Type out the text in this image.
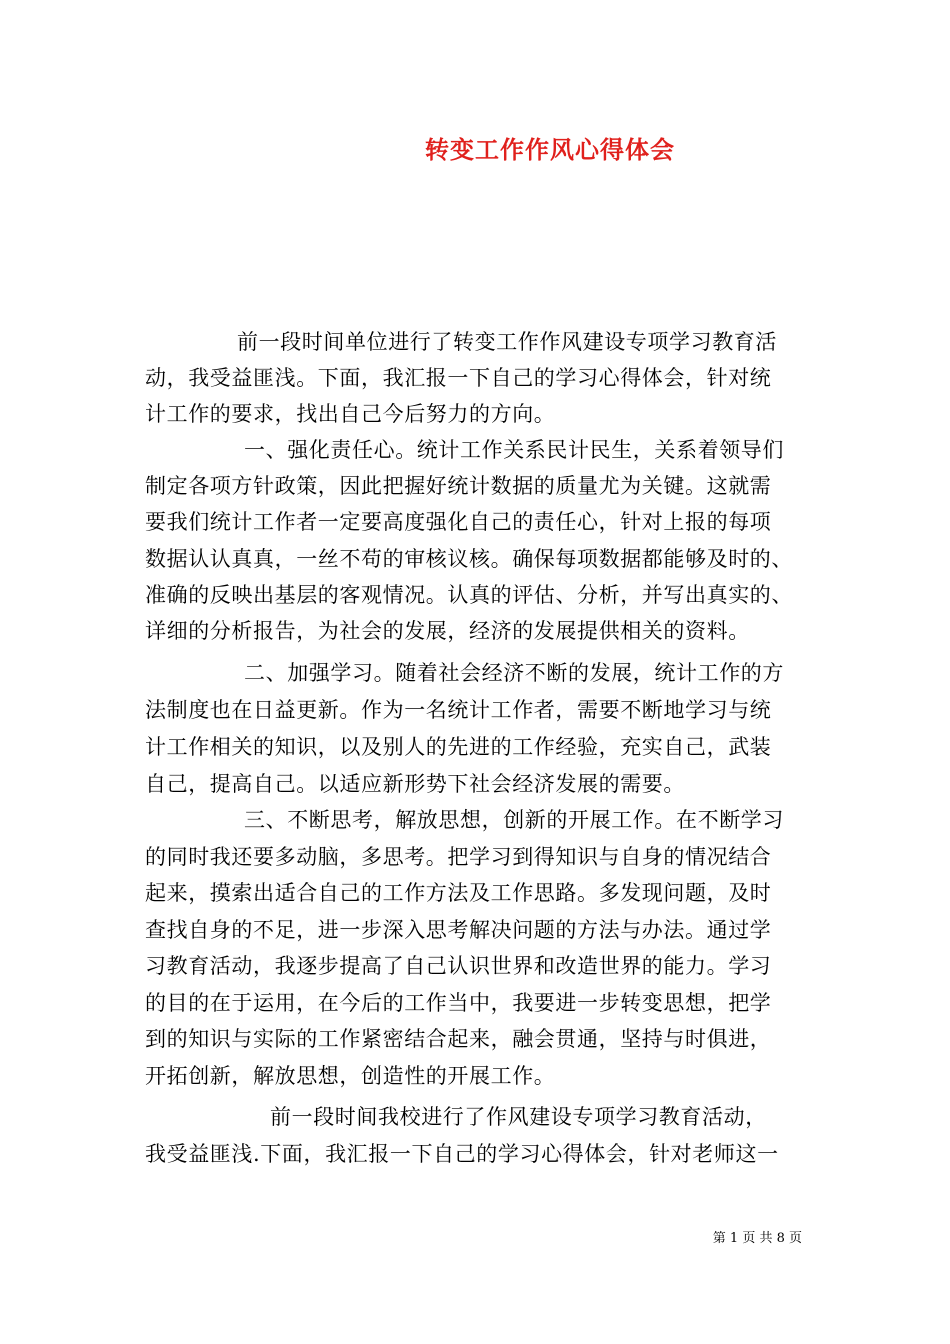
转变工作作风心得体会
前一段时间单位进行了转变工作作风建设专项学习教育活
动，我受益匪浅。下面，我汇报一下自己的学习心得体会，针对统
计工作的要求，找出自己今后努力的方向。
一、强化责任心。统计工作关系民计民生，关系着领导们
制定各项方针政策，因此把握好统计数据的质量尤为关键。这就需
要我们统计工作者一定要高度强化自己的责任心，针对上报的每项
数据认认真真，一丝不苟的审核议核。确保每项数据都能够及时的、
准确的反映出基层的客观情况。认真的评估、分析，并写出真实的、
详细的分析报告，为社会的发展，经济的发展提供相关的资料。
二、加强学习。随着社会经济不断的发展，统计工作的方
法制度也在日益更新。作为一名统计工作者，需要不断地学习与统
计工作相关的知识，以及别人的先进的工作经验，充实自己，武装
自己，提高自己。以适应新形势下社会经济发展的需要。
三、不断思考，解放思想，创新的开展工作。在不断学习
的同时我还要多动脑，多思考。把学习到得知识与自身的情况结合
起来，摸索出适合自己的工作方法及工作思路。多发现问题，及时
查找自身的不足，进一步深入思考解决问题的方法与办法。通过学
习教育活动，我逐步提高了自己认识世界和改造世界的能力。学习
的目的在于运用，在今后的工作当中，我要进一步转变思想，把学
到的知识与实际的工作紧密结合起来，融会贯通，坚持与时俱进，
开拓创新，解放思想，创造性的开展工作。
前一段时间我校进行了作风建设专项学习教育活动，
我受益匪浅.下面，我汇报一下自己的学习心得体会，针对老师这一
第 1 页 共 8 页
